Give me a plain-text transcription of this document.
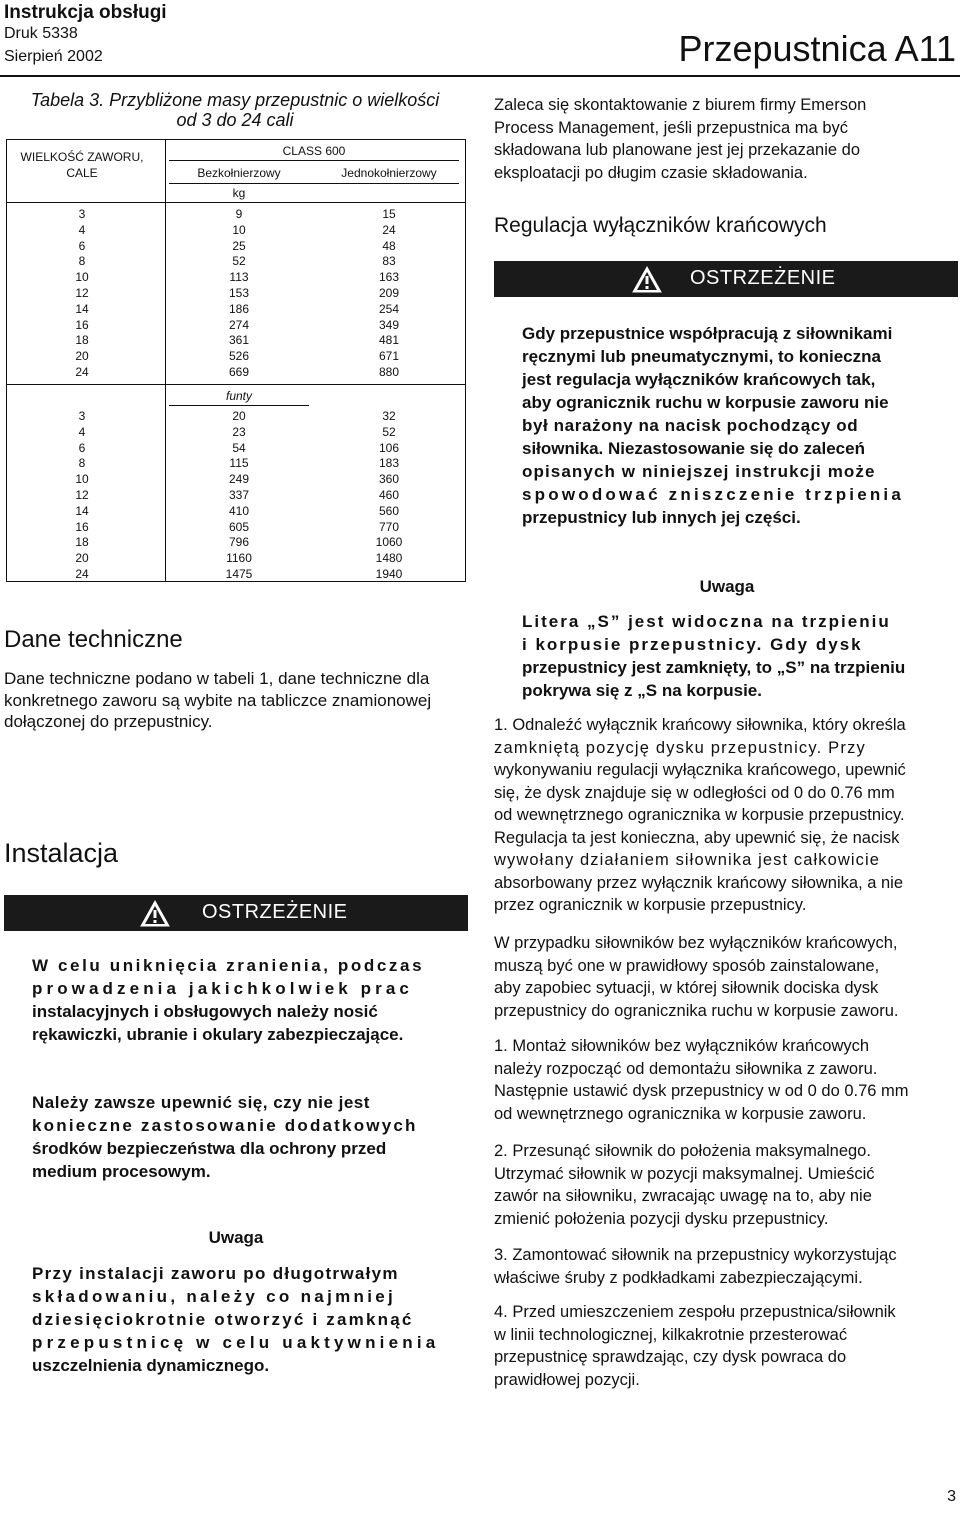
Instrukcja obsługi
Druk 5338
Sierpień 2002	Przepustnica A11
Tabela 3. Przybliżone masy przepustnic o wielkości
od 3 do 24 cali
WIELKOŚĆ ZAWORU,
CALE
CLASS 600
Bezkołnierzowy	Jednokołnierzowy
kg
3	9	15
4	10	24
6	25	48
8	52	83
10	113	163
12	153	209
14	186	254
16	274	349
18	361	481
20	526	671
24	669	880
funty
3	20	32
4	23	52
6	54	106
8	115	183
10	249	360
12	337	460
14	410	560
16	605	770
18	796	1060
20	1160	1480
24	1475	1940
Dane techniczne
Dane techniczne podano w tabeli 1, dane techniczne dla
konkretnego zaworu są wybite na tabliczce znamionowej
dołączonej do przepustnicy.
Instalacja
OSTRZEŻENIE
W celu uniknięcia zranienia, podczas
prowadzenia jakichkolwiek prac
instalacyjnych i obsługowych należy nosić
rękawiczki, ubranie i okulary zabezpieczające.
Należy zawsze upewnić się, czy nie jest
konieczne zastosowanie dodatkowych
środków bezpieczeństwa dla ochrony przed
medium procesowym.
Uwaga
Przy instalacji zaworu po długotrwałym
składowaniu, należy co najmniej
dziesięciokrotnie otworzyć i zamknąć
przepustnicę w celu uaktywnienia
uszczelnienia dynamicznego.
Zaleca się skontaktowanie z biurem firmy Emerson
Process Management, jeśli przepustnica ma być
składowana lub planowane jest jej przekazanie do
eksploatacji po długim czasie składowania.
Regulacja wyłączników krańcowych
OSTRZEŻENIE
Gdy przepustnice współpracują z siłownikami
ręcznymi lub pneumatycznymi, to konieczna
jest regulacja wyłączników krańcowych tak,
aby ogranicznik ruchu w korpusie zaworu nie
był narażony na nacisk pochodzący od
siłownika. Niezastosowanie się do zaleceń
opisanych w niniejszej instrukcji może
spowodować zniszczenie trzpienia
przepustnicy lub innych jej części.
Uwaga
Litera „S” jest widoczna na trzpieniu
i korpusie przepustnicy. Gdy dysk
przepustnicy jest zamknięty, to „S” na trzpieniu
pokrywa się z „S na korpusie.
1. Odnaleźć wyłącznik krańcowy siłownika, który określa
zamkniętą pozycję dysku przepustnicy. Przy
wykonywaniu regulacji wyłącznika krańcowego, upewnić
się, że dysk znajduje się w odległości od 0 do 0.76 mm
od wewnętrznego ogranicznika w korpusie przepustnicy.
Regulacja ta jest konieczna, aby upewnić się, że nacisk
wywołany działaniem siłownika jest całkowicie
absorbowany przez wyłącznik krańcowy siłownika, a nie
przez ogranicznik w korpusie przepustnicy.
W przypadku siłowników bez wyłączników krańcowych,
muszą być one w prawidłowy sposób zainstalowane,
aby zapobiec sytuacji, w której siłownik dociska dysk
przepustnicy do ogranicznika ruchu w korpusie zaworu.
1. Montaż siłowników bez wyłączników krańcowych
należy rozpocząć od demontażu siłownika z zaworu.
Następnie ustawić dysk przepustnicy w od 0 do 0.76 mm
od wewnętrznego ogranicznika w korpusie zaworu.
2. Przesunąć siłownik do położenia maksymalnego.
Utrzymać siłownik w pozycji maksymalnej. Umieścić
zawór na siłowniku, zwracając uwagę na to, aby nie
zmienić położenia pozycji dysku przepustnicy.
3. Zamontować siłownik na przepustnicy wykorzystując
właściwe śruby z podkładkami zabezpieczającymi.
4. Przed umieszczeniem zespołu przepustnica/siłownik
w linii technologicznej, kilkakrotnie przesterować
przepustnicę sprawdzając, czy dysk powraca do
prawidłowej pozycji.
3
